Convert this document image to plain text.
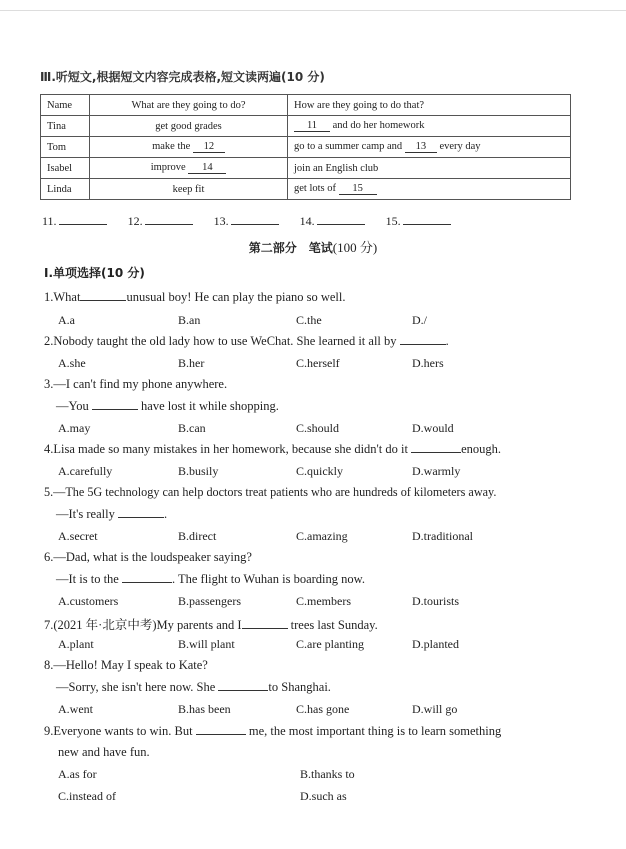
Ⅲ.听短文,根据短文内容完成表格,短文读两遍(10 分)
Name	What are they going to do?	How are they going to do that?
Tina	get good grades	11 and do her homework
Tom	make the 12	go to a summer camp and 13 every day
Isabel	improve 14	join an English club
Linda	keep fit	get lots of 15
11.	12.	13.	14.	15.
第二部分　笔试(100 分)
Ⅰ.单项选择(10 分)
1.What	unusual boy! He can play the piano so well.
A.a	B.an	C.the	D./
2.Nobody taught the old lady how to use WeChat. She learned it all by	.
A.she	B.her	C.herself	D.hers
3.—I can't find my phone anywhere.
—You	have lost it while shopping.
A.may	B.can	C.should	D.would
4.Lisa made so many mistakes in her homework, because she didn't do it	enough.
A.carefully	B.busily	C.quickly	D.warmly
5.—The 5G technology can help doctors treat patients who are hundreds of kilometers away.
—It's really	.
A.secret	B.direct	C.amazing	D.traditional
6.—Dad, what is the loudspeaker saying?
—It is to the	. The flight to Wuhan is boarding now.
A.customers	B.passengers	C.members	D.tourists
7.(2021 年·北京中考)My parents and I	trees last Sunday.
A.plant	B.will plant	C.are planting	D.planted
8.—Hello! May I speak to Kate?
—Sorry, she isn't here now. She	to Shanghai.
A.went	B.has been	C.has gone	D.will go
9.Everyone wants to win. But	me, the most important thing is to learn something
new and have fun.
A.as for	B.thanks to
C.instead of	D.such as
